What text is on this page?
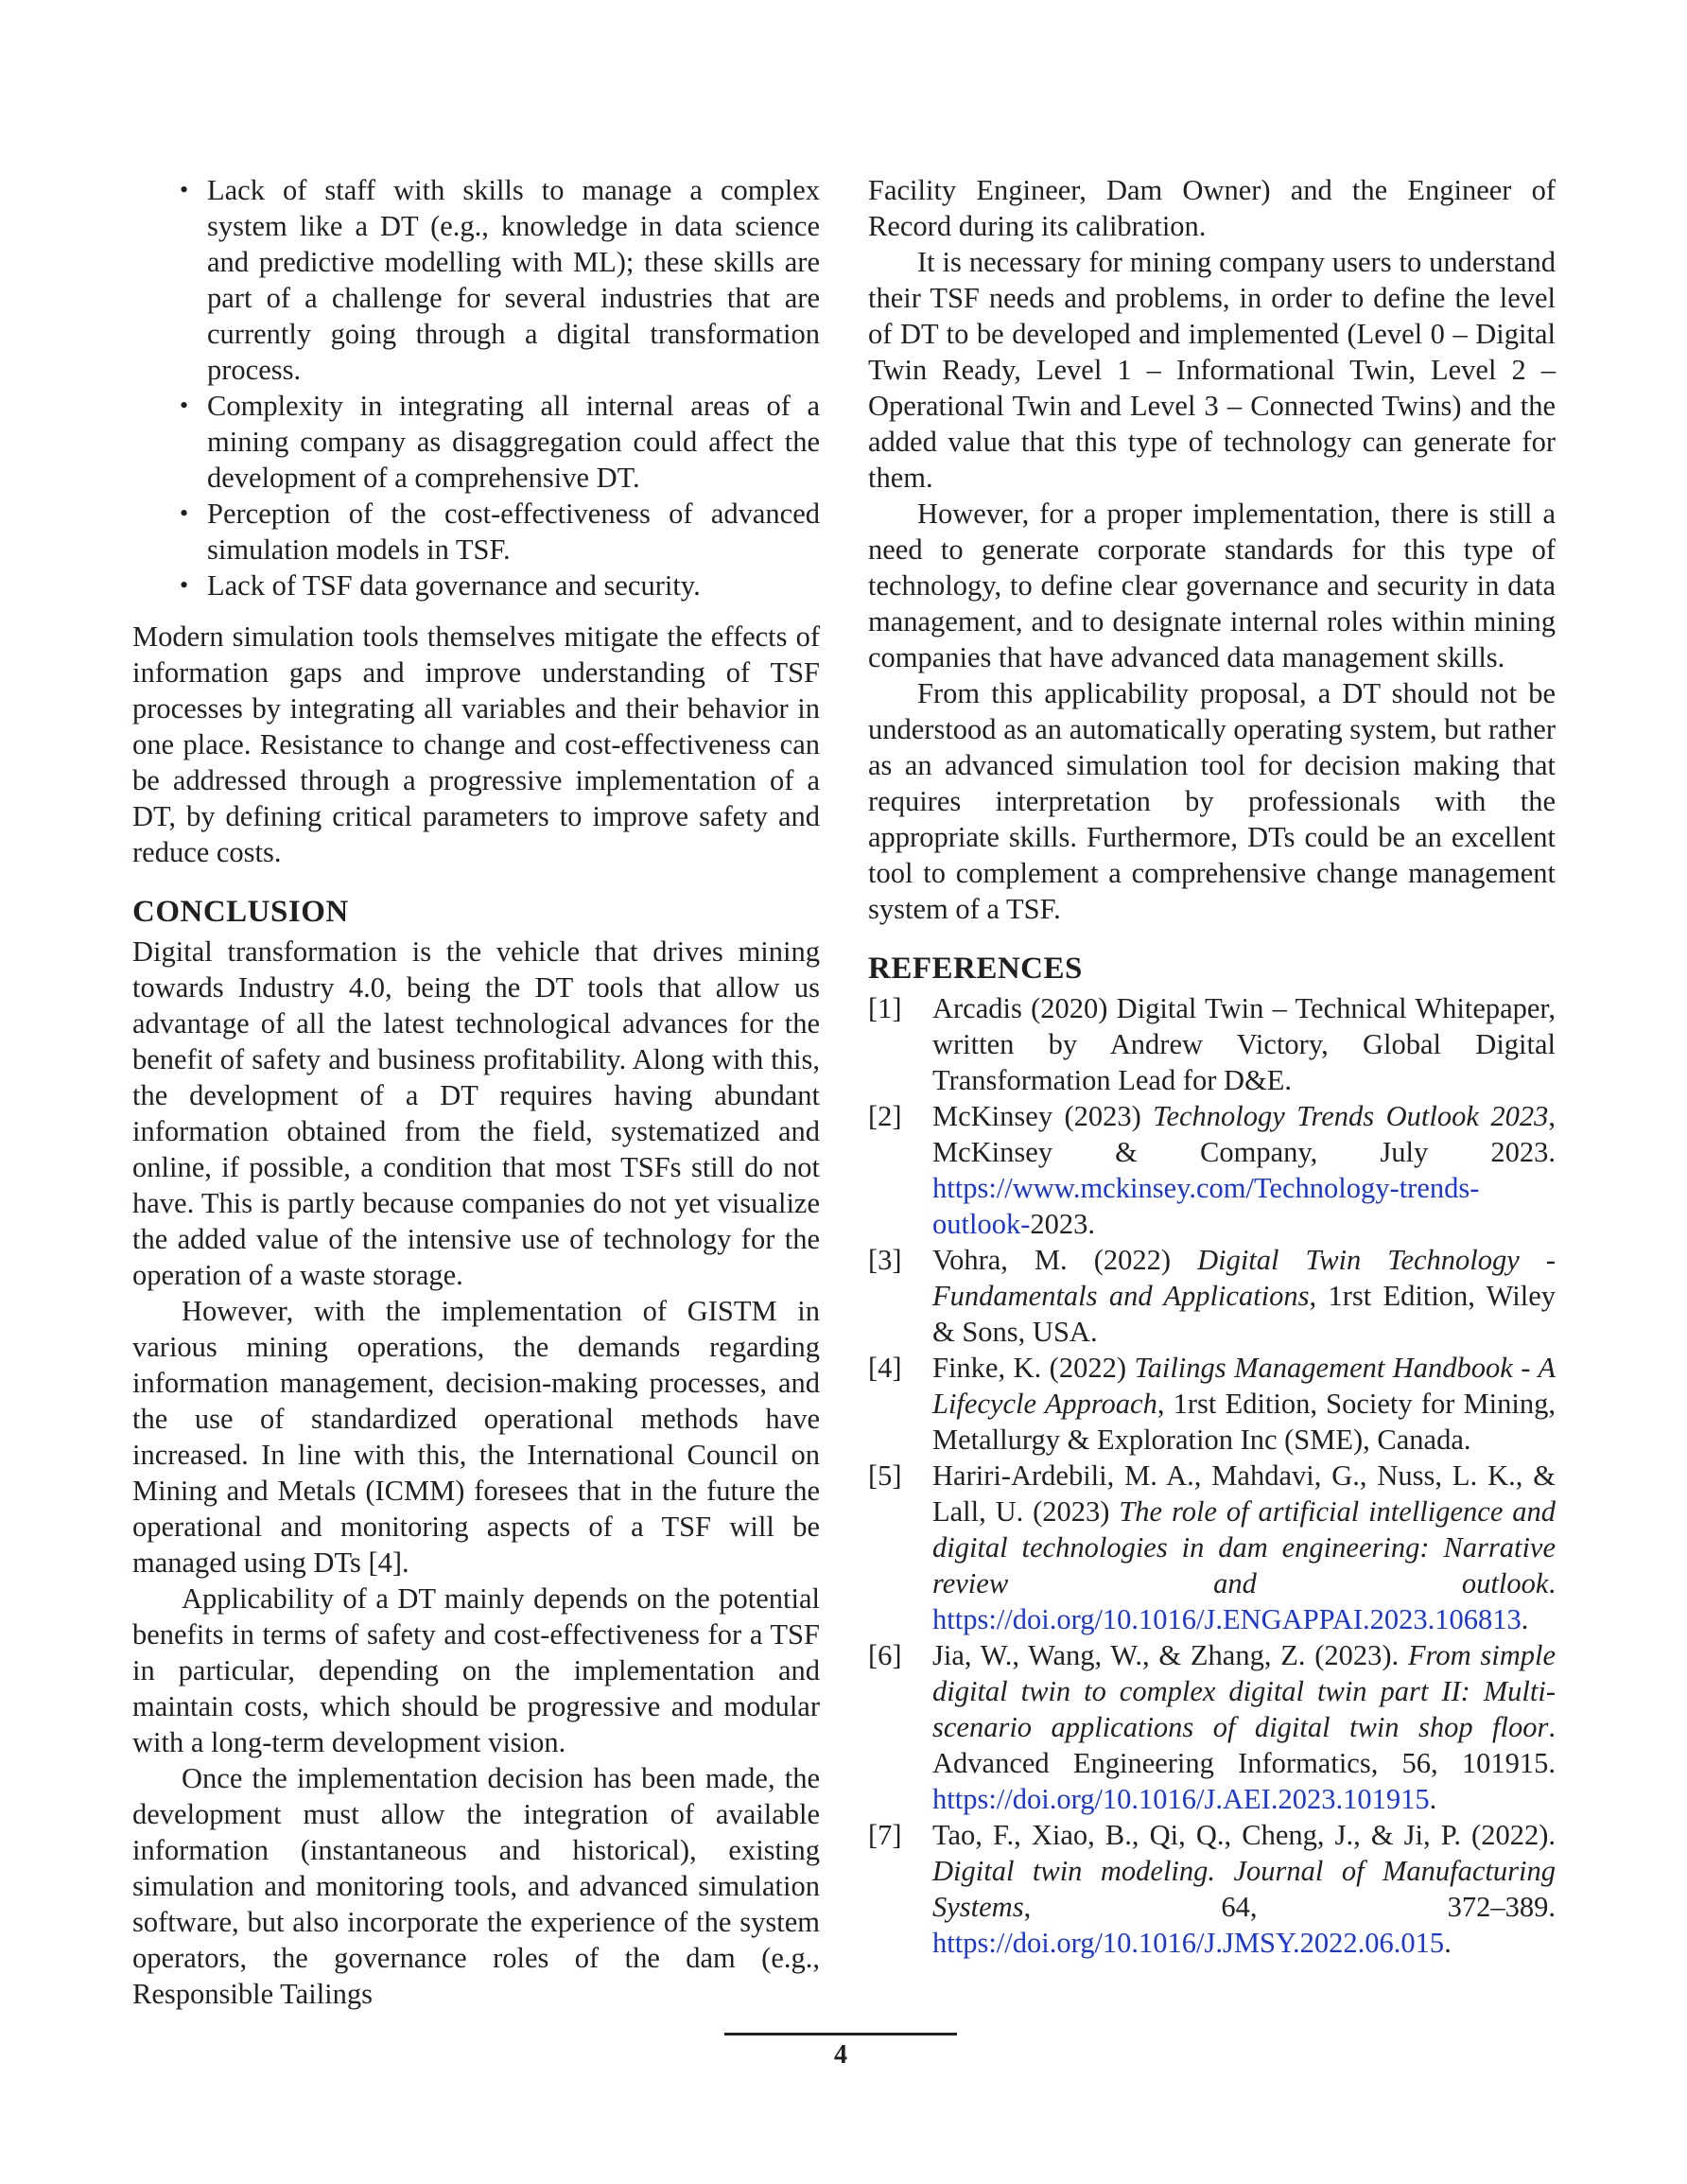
• Lack of staff with skills to manage a complex system like a DT (e.g., knowledge in data science and predictive modelling with ML); these skills are part of a challenge for several industries that are currently going through a digital transformation process.
• Complexity in integrating all internal areas of a mining company as disaggregation could affect the development of a comprehensive DT.
• Perception of the cost-effectiveness of advanced simulation models in TSF.
• Lack of TSF data governance and security.

Modern simulation tools themselves mitigate the effects of information gaps and improve understanding of TSF processes by integrating all variables and their behavior in one place. Resistance to change and cost-effectiveness can be addressed through a progressive implementation of a DT, by defining critical parameters to improve safety and reduce costs.

CONCLUSION

Digital transformation is the vehicle that drives mining towards Industry 4.0, being the DT tools that allow us advantage of all the latest technological advances for the benefit of safety and business profitability. Along with this, the development of a DT requires having abundant information obtained from the field, systematized and online, if possible, a condition that most TSFs still do not have. This is partly because companies do not yet visualize the added value of the intensive use of technology for the operation of a waste storage.

However, with the implementation of GISTM in various mining operations, the demands regarding information management, decision-making processes, and the use of standardized operational methods have increased. In line with this, the International Council on Mining and Metals (ICMM) foresees that in the future the operational and monitoring aspects of a TSF will be managed using DTs [4].

Applicability of a DT mainly depends on the potential benefits in terms of safety and cost-effectiveness for a TSF in particular, depending on the implementation and maintain costs, which should be progressive and modular with a long-term development vision.

Once the implementation decision has been made, the development must allow the integration of available information (instantaneous and historical), existing simulation and monitoring tools, and advanced simulation software, but also incorporate the experience of the system operators, the governance roles of the dam (e.g., Responsible Tailings

Facility Engineer, Dam Owner) and the Engineer of Record during its calibration.

It is necessary for mining company users to understand their TSF needs and problems, in order to define the level of DT to be developed and implemented (Level 0 – Digital Twin Ready, Level 1 – Informational Twin, Level 2 – Operational Twin and Level 3 – Connected Twins) and the added value that this type of technology can generate for them.

However, for a proper implementation, there is still a need to generate corporate standards for this type of technology, to define clear governance and security in data management, and to designate internal roles within mining companies that have advanced data management skills.

From this applicability proposal, a DT should not be understood as an automatically operating system, but rather as an advanced simulation tool for decision making that requires interpretation by professionals with the appropriate skills. Furthermore, DTs could be an excellent tool to complement a comprehensive change management system of a TSF.

REFERENCES
[1]	Arcadis (2020) Digital Twin – Technical Whitepaper, written by Andrew Victory, Global Digital Transformation Lead for D&E.
[2]	McKinsey (2023) Technology Trends Outlook 2023, McKinsey & Company, July 2023. https://www.mckinsey.com/Technology-trends-outlook-2023.
[3]	Vohra, M. (2022) Digital Twin Technology - Fundamentals and Applications, 1rst Edition, Wiley & Sons, USA.
[4]	Finke, K. (2022) Tailings Management Handbook - A Lifecycle Approach, 1rst Edition, Society for Mining, Metallurgy & Exploration Inc (SME), Canada.
[5]	Hariri-Ardebili, M. A., Mahdavi, G., Nuss, L. K., & Lall, U. (2023) The role of artificial intelligence and digital technologies in dam engineering: Narrative review and outlook. https://doi.org/10.1016/J.ENGAPPAI.2023.106813.
[6]	Jia, W., Wang, W., & Zhang, Z. (2023). From simple digital twin to complex digital twin part II: Multi-scenario applications of digital twin shop floor. Advanced Engineering Informatics, 56, 101915. https://doi.org/10.1016/J.AEI.2023.101915.
[7]	Tao, F., Xiao, B., Qi, Q., Cheng, J., & Ji, P. (2022). Digital twin modeling. Journal of Manufacturing Systems, 64, 372–389. https://doi.org/10.1016/J.JMSY.2022.06.015.
4
